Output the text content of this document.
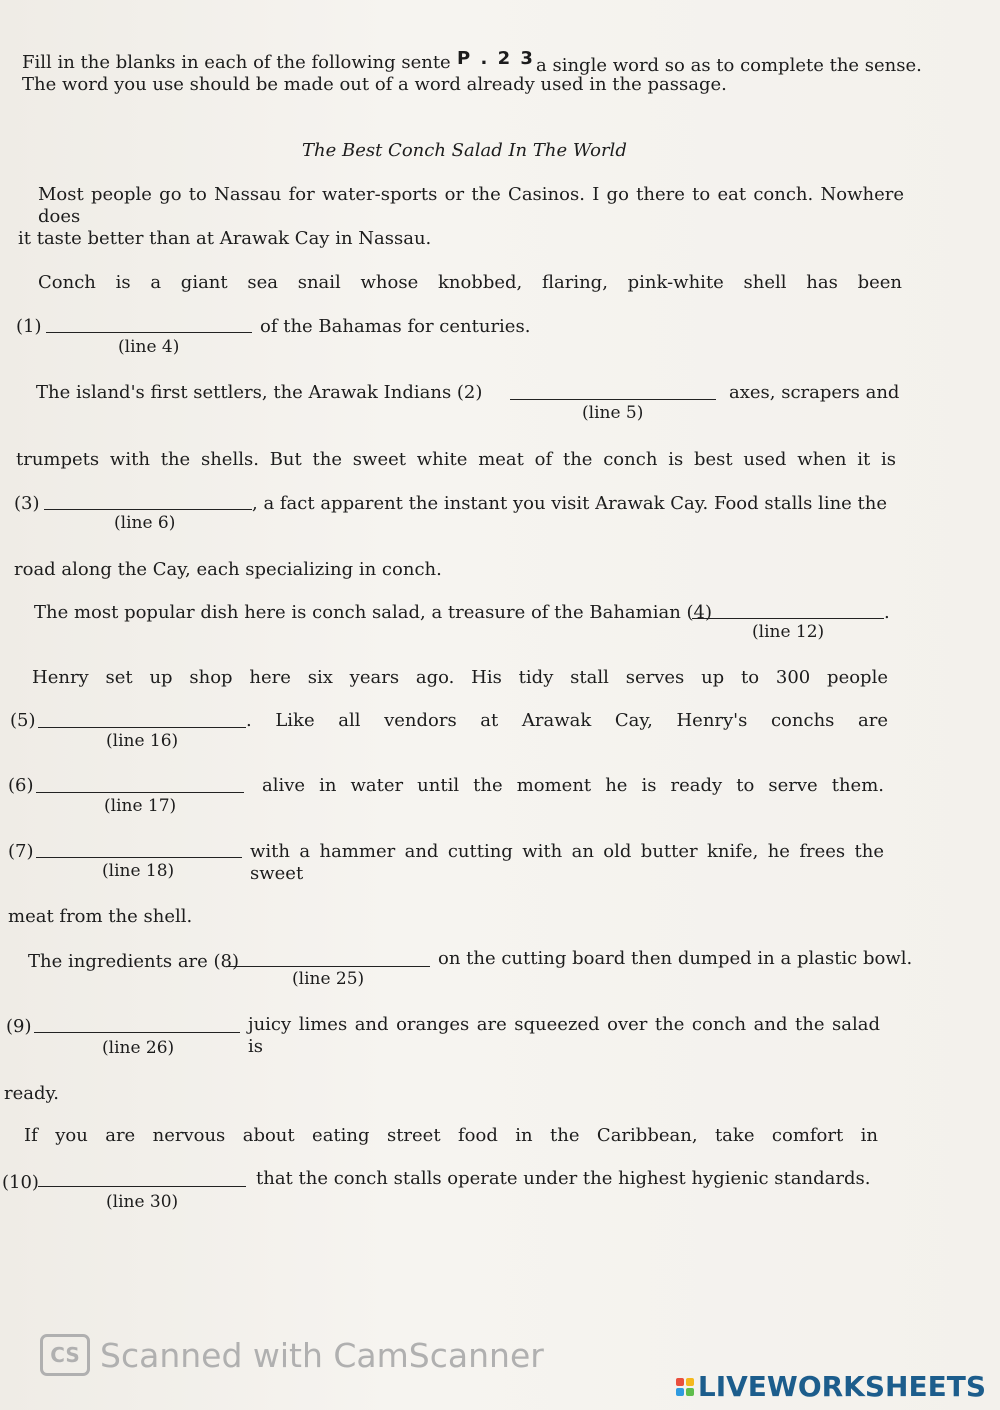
Fill in the blanks in each of the following sente P . 2 3 a single word so as to complete the sense.
The word you use should be made out of a word already used in the passage.
The Best Conch Salad In The World
Most people go to Nassau for water-sports or the Casinos. I go there to eat conch. Nowhere does
it taste better than at Arawak Cay in Nassau.
Conch is a giant sea snail whose knobbed, flaring, pink-white shell has been
(1)	of the Bahamas for centuries.
(line 4)
The island's first settlers, the Arawak Indians (2)	axes, scrapers and
(line 5)
trumpets with the shells. But the sweet white meat of the conch is best used when it is
(3)	, a fact apparent the instant you visit Arawak Cay. Food stalls line the
(line 6)
road along the Cay, each specializing in conch.
The most popular dish here is conch salad, a treasure of the Bahamian (4)	.
(line 12)
Henry set up shop here six years ago. His tidy stall serves up to 300 people
(5)	. Like all vendors at Arawak Cay, Henry's conchs are
(line 16)
(6)	alive in water until the moment he is ready to serve them.
(line 17)
(7)	with a hammer and cutting with an old butter knife, he frees the sweet
(line 18)
meat from the shell.
The ingredients are (8)	on the cutting board then dumped in a plastic bowl.
(line 25)
(9)	juicy limes and oranges are squeezed over the conch and the salad is
(line 26)
ready.
If you are nervous about eating street food in the Caribbean, take comfort in
(10)	that the conch stalls operate under the highest hygienic standards.
(line 30)
CS Scanned with CamScanner
LIVEWORKSHEETS
